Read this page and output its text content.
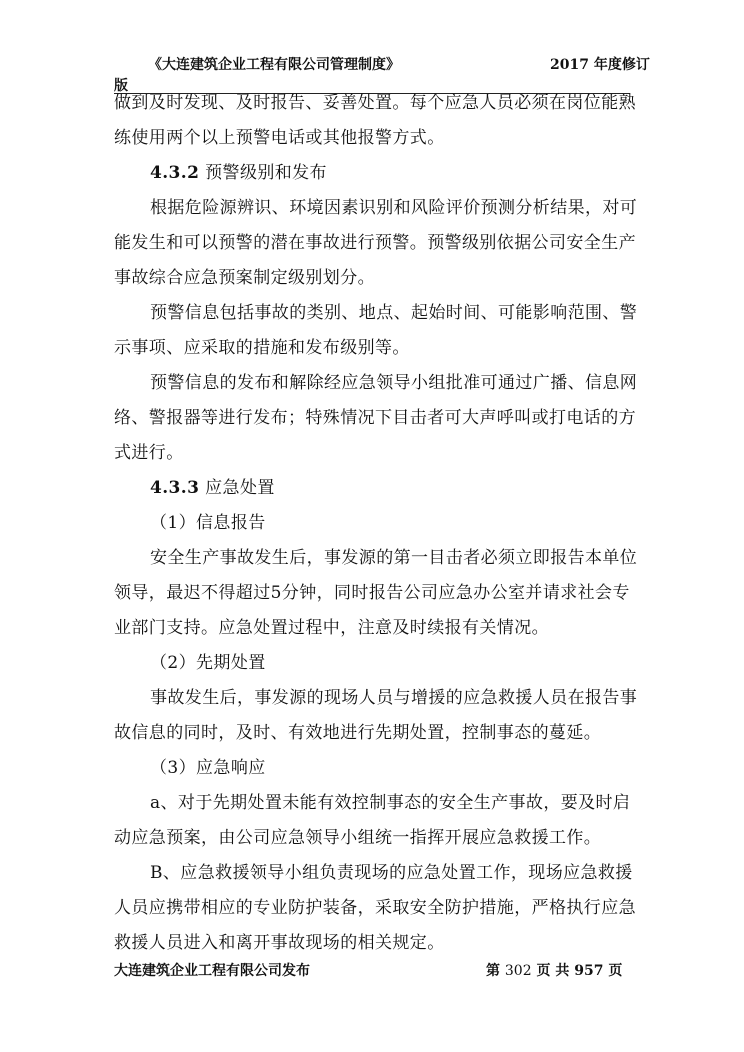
《大连建筑企业工程有限公司管理制度》	2017 年度修订
版
做到及时发现、及时报告、妥善处置。每个应急人员必须在岗位能熟
练使用两个以上预警电话或其他报警方式。
4.3.2 预警级别和发布
根据危险源辨识、环境因素识别和风险评价预测分析结果，对可
能发生和可以预警的潜在事故进行预警。预警级别依据公司安全生产
事故综合应急预案制定级别划分。
预警信息包括事故的类别、地点、起始时间、可能影响范围、警
示事项、应采取的措施和发布级别等。
预警信息的发布和解除经应急领导小组批准可通过广播、信息网
络、警报器等进行发布；特殊情况下目击者可大声呼叫或打电话的方
式进行。
4.3.3 应急处置
（1）信息报告
安全生产事故发生后，事发源的第一目击者必须立即报告本单位
领导，最迟不得超过5分钟，同时报告公司应急办公室并请求社会专
业部门支持。应急处置过程中，注意及时续报有关情况。
（2）先期处置
事故发生后，事发源的现场人员与增援的应急救援人员在报告事
故信息的同时，及时、有效地进行先期处置，控制事态的蔓延。
（3）应急响应
a、对于先期处置未能有效控制事态的安全生产事故，要及时启
动应急预案，由公司应急领导小组统一指挥开展应急救援工作。
B、应急救援领导小组负责现场的应急处置工作，现场应急救援
人员应携带相应的专业防护装备，采取安全防护措施，严格执行应急
救援人员进入和离开事故现场的相关规定。
大连建筑企业工程有限公司发布	第 302 页 共 957 页
